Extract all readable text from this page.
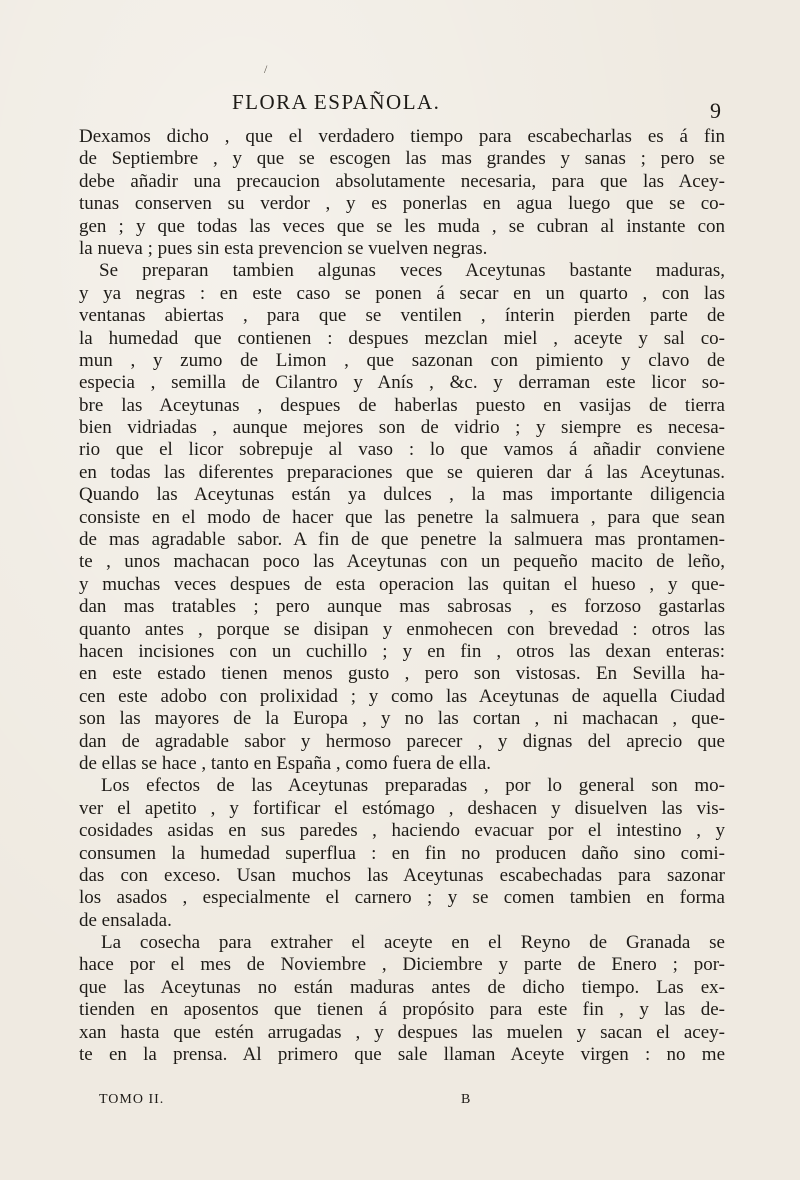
/
FLORA ESPAÑOLA.	9
Dexamos dicho , que el verdadero tiempo para escabecharlas es á fin
de Septiembre , y que se escogen las mas grandes y sanas ; pero se
debe añadir una precaucion absolutamente necesaria, para que las Acey-
tunas conserven su verdor , y es ponerlas en agua luego que se co-
gen ; y que todas las veces que se les muda , se cubran al instante con
la nueva ; pues sin esta prevencion se vuelven negras.
Se preparan tambien algunas veces Aceytunas bastante maduras,
y ya negras : en este caso se ponen á secar en un quarto , con las
ventanas abiertas , para que se ventilen , ínterin pierden parte de
la humedad que contienen : despues mezclan miel , aceyte y sal co-
mun , y zumo de Limon , que sazonan con pimiento y clavo de
especia , semilla de Cilantro y Anís , &c. y derraman este licor so-
bre las Aceytunas , despues de haberlas puesto en vasijas de tierra
bien vidriadas , aunque mejores son de vidrio ; y siempre es necesa-
rio que el licor sobrepuje al vaso : lo que vamos á añadir conviene
en todas las diferentes preparaciones que se quieren dar á las Aceytunas.
Quando las Aceytunas están ya dulces , la mas importante diligencia
consiste en el modo de hacer que las penetre la salmuera , para que sean
de mas agradable sabor. A fin de que penetre la salmuera mas prontamen-
te , unos machacan poco las Aceytunas con un pequeño macito de leño,
y muchas veces despues de esta operacion las quitan el hueso , y que-
dan mas tratables ; pero aunque mas sabrosas , es forzoso gastarlas
quanto antes , porque se disipan y enmohecen con brevedad : otros las
hacen incisiones con un cuchillo ; y en fin , otros las dexan enteras:
en este estado tienen menos gusto , pero son vistosas. En Sevilla ha-
cen este adobo con prolixidad ; y como las Aceytunas de aquella Ciudad
son las mayores de la Europa , y no las cortan , ni machacan , que-
dan de agradable sabor y hermoso parecer , y dignas del aprecio que
de ellas se hace , tanto en España , como fuera de ella.
Los efectos de las Aceytunas preparadas , por lo general son mo-
ver el apetito , y fortificar el estómago , deshacen y disuelven las vis-
cosidades asidas en sus paredes , haciendo evacuar por el intestino , y
consumen la humedad superflua : en fin no producen daño sino comi-
das con exceso. Usan muchos las Aceytunas escabechadas para sazonar
los asados , especialmente el carnero ; y se comen tambien en forma
de ensalada.
La cosecha para extraher el aceyte en el Reyno de Granada se
hace por el mes de Noviembre , Diciembre y parte de Enero ; por-
que las Aceytunas no están maduras antes de dicho tiempo. Las ex-
tienden en aposentos que tienen á propósito para este fin , y las de-
xan hasta que estén arrugadas , y despues las muelen y sacan el acey-
te en la prensa. Al primero que sale llaman Aceyte virgen : no me
TOMO II.	B
